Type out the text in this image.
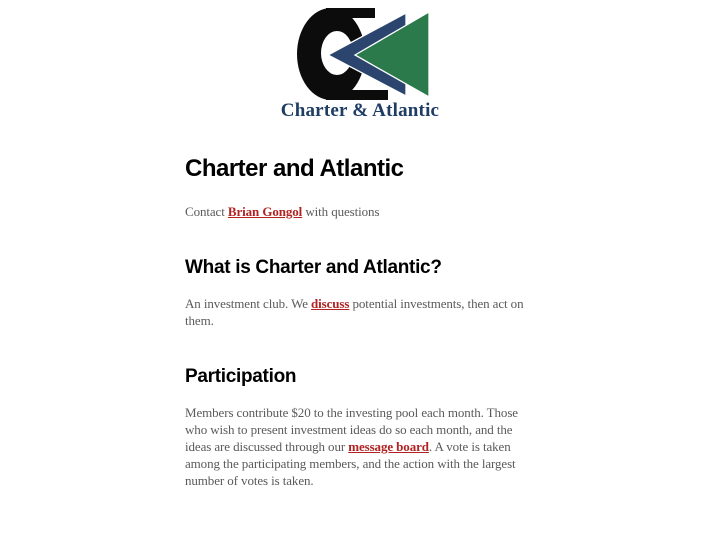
Charter & Atlantic
Charter and Atlantic

Contact Brian Gongol with questions

What is Charter and Atlantic?

An investment club. We discuss potential investments, then act on them.

Participation

Members contribute $20 to the investing pool each month. Those who wish to present investment ideas do so each month, and the ideas are discussed through our message board. A vote is taken among the participating members, and the action with the largest number of votes is taken.
